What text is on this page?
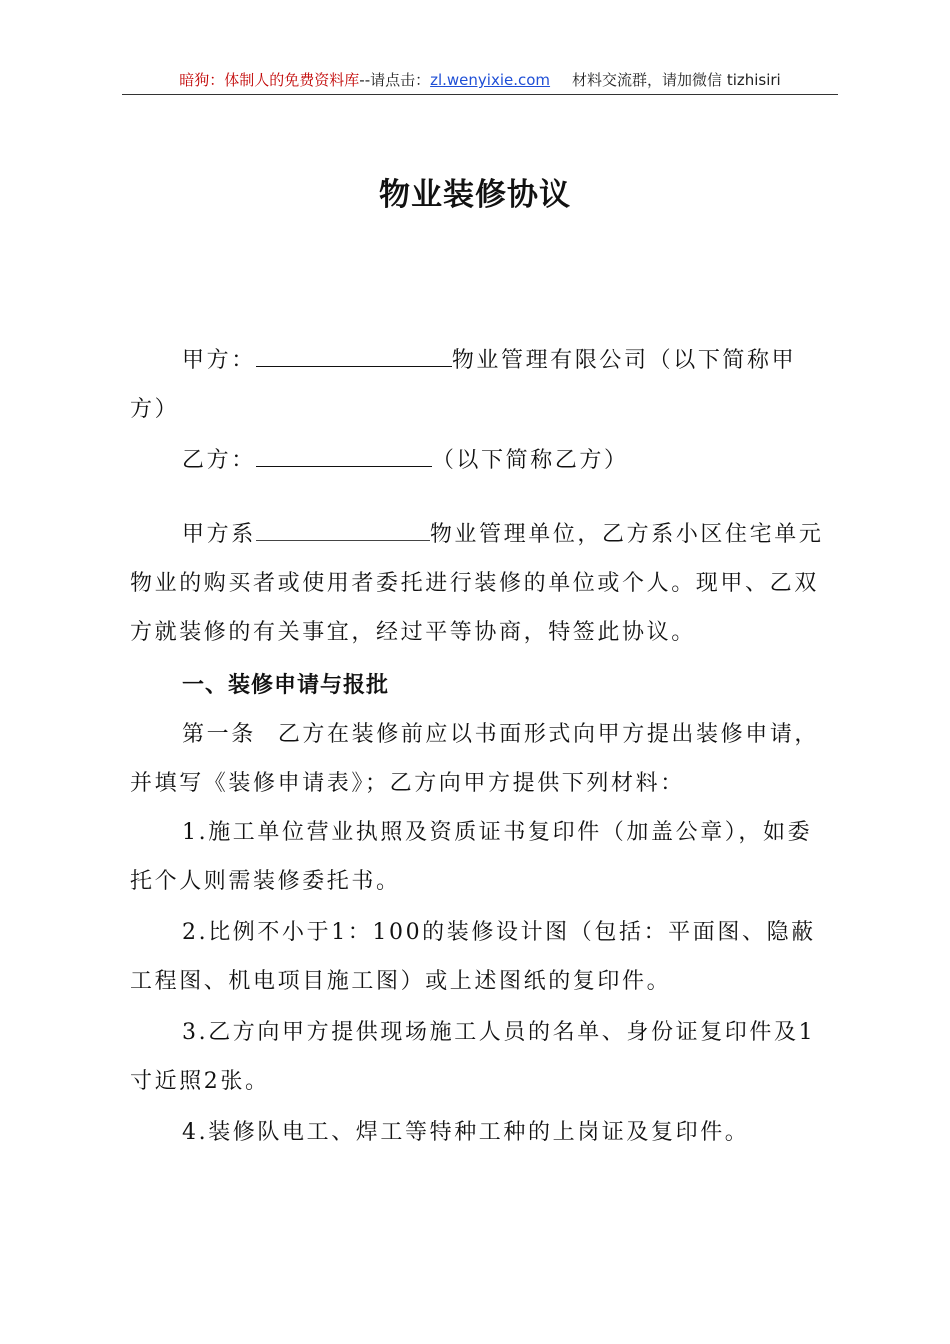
暗狗：体制人的免费资料库--请点击：zl.wenyixie.com 材料交流群，请加微信 tizhisiri
物业装修协议

甲方：	物业管理有限公司（以下简称甲方）

乙方：	（以下简称乙方）

甲方系	物业管理单位，乙方系小区住宅单元物业的购买者或使用者委托进行装修的单位或个人。现甲、乙双方就装修的有关事宜，经过平等协商，特签此协议。

一、装修申请与报批

第一条 乙方在装修前应以书面形式向甲方提出装修申请，并填写《装修申请表》；乙方向甲方提供下列材料：

1.施工单位营业执照及资质证书复印件（加盖公章），如委托个人则需装修委托书。

2.比例不小于1：100的装修设计图（包括：平面图、隐蔽工程图、机电项目施工图）或上述图纸的复印件。

3.乙方向甲方提供现场施工人员的名单、身份证复印件及1寸近照2张。

4.装修队电工、焊工等特种工种的上岗证及复印件。
